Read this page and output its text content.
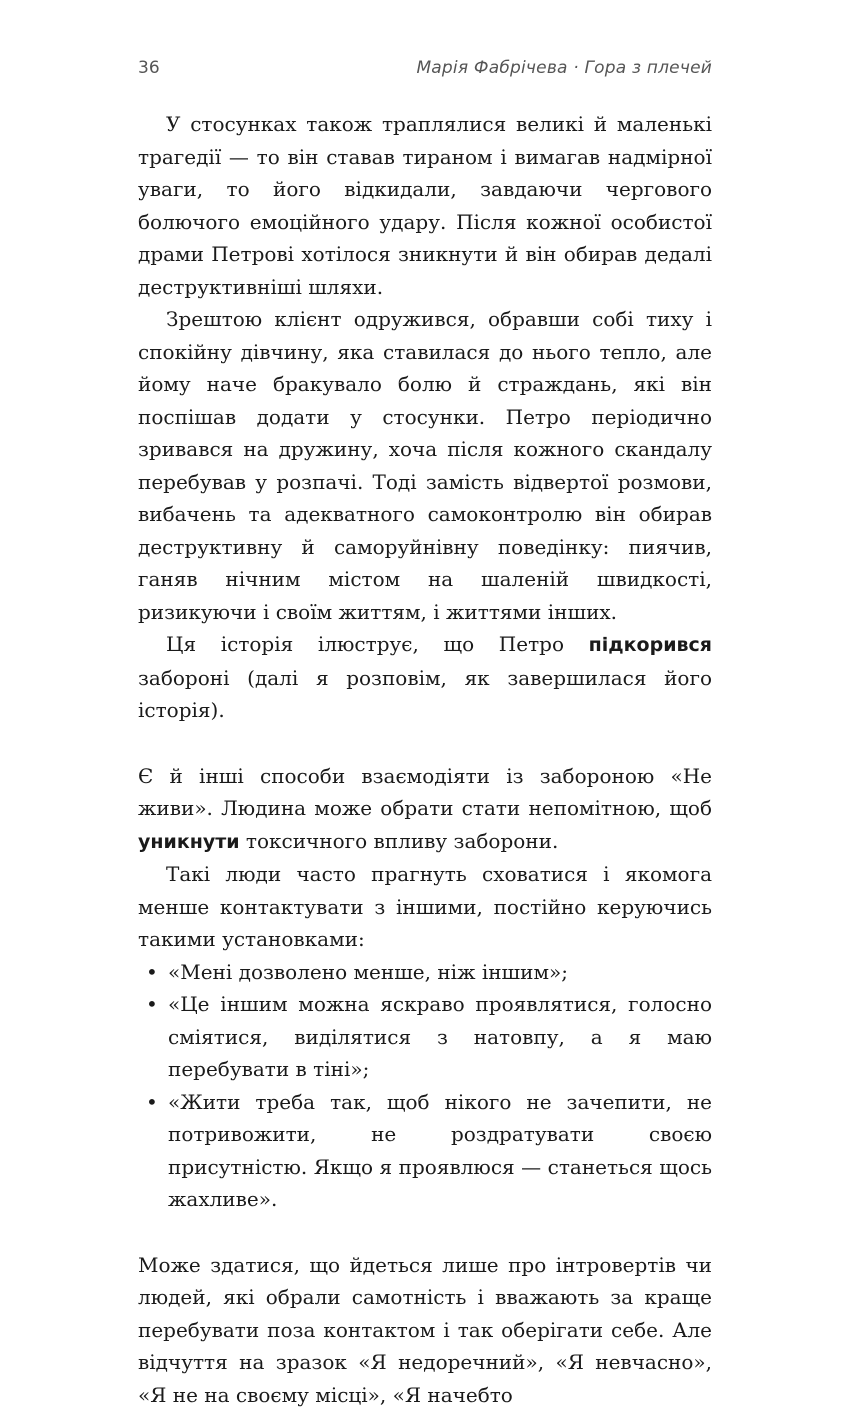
36	Марія Фабрічева · Гора з плечей

У стосунках також траплялися великі й маленькі трагедії — то він ставав тираном і вимагав надмірної уваги, то його відкидали, завдаючи чергового болючого емоційного удару. Після кожної особистої драми Петрові хотілося зникнути й він обирав дедалі деструктивніші шляхи.

Зрештою клієнт одружився, обравши собі тиху і спокійну дівчину, яка ставилася до нього тепло, але йому наче бракувало болю й страждань, які він поспішав додати у стосунки. Петро періодично зривався на дружину, хоча після кожного скандалу перебував у розпачі. Тоді замість відвертої розмови, вибачень та адекватного самоконтролю він обирав деструктивну й саморуйнівну поведінку: пиячив, ганяв нічним містом на шаленій швидкості, ризикуючи і своїм життям, і життями інших.

Ця історія ілюструє, що Петро підкорився забороні (далі я розповім, як завершилася його історія).

Є й інші способи взаємодіяти із забороною «Не живи». Людина може обрати стати непомітною, щоб уникнути токсичного впливу заборони.

Такі люди часто прагнуть сховатися і якомога менше контактувати з іншими, постійно керуючись такими установками:

• «Мені дозволено менше, ніж іншим»;
• «Це іншим можна яскраво проявлятися, голосно сміятися, виділятися з натовпу, а я маю перебувати в тіні»;
• «Жити треба так, щоб нікого не зачепити, не потривожити, не роздратувати своєю присутністю. Якщо я проявлюся — станеться щось жахливе».

Може здатися, що йдеться лише про інтровертів чи людей, які обрали самотність і вважають за краще перебувати поза контактом і так оберігати себе. Але відчуття на зразок «Я недоречний», «Я невчасно», «Я не на своєму місці», «Я начебто
